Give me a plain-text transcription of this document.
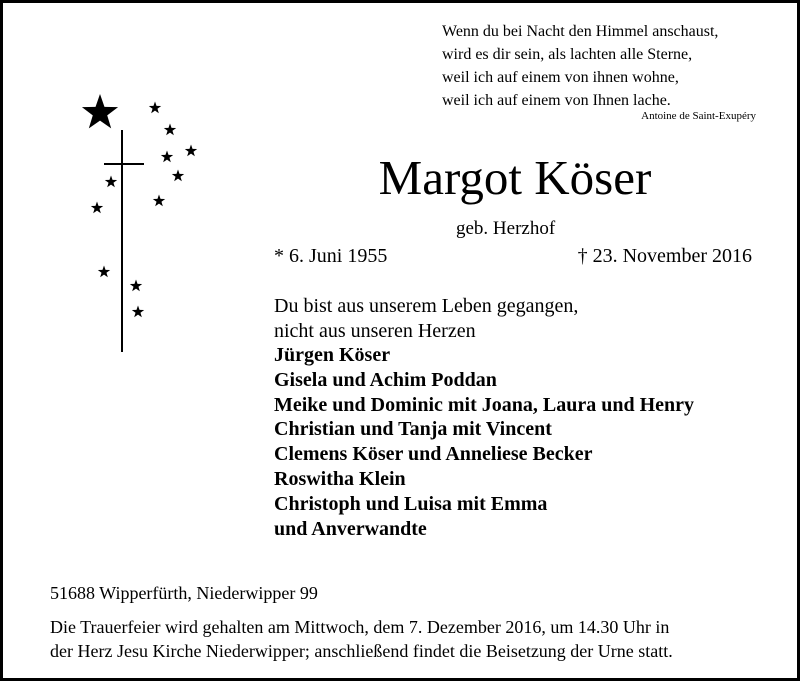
Wenn du bei Nacht den Himmel anschaust,
wird es dir sein, als lachten alle Sterne,
weil ich auf einem von ihnen wohne,
weil ich auf einem von Ihnen lache.
Antoine de Saint-Exupéry
Margot Köser
geb. Herzhof
* 6. Juni 1955	† 23. November 2016
Du bist aus unserem Leben gegangen,
nicht aus unseren Herzen
Jürgen Köser
Gisela und Achim Poddan
Meike und Dominic mit Joana, Laura und Henry
Christian und Tanja mit Vincent
Clemens Köser und Anneliese Becker
Roswitha Klein
Christoph und Luisa mit Emma
und Anverwandte
51688 Wipperfürth, Niederwipper 99
Die Trauerfeier wird gehalten am Mittwoch, dem 7. Dezember 2016, um 14.30 Uhr in
der Herz Jesu Kirche Niederwipper; anschließend findet die Beisetzung der Urne statt.
